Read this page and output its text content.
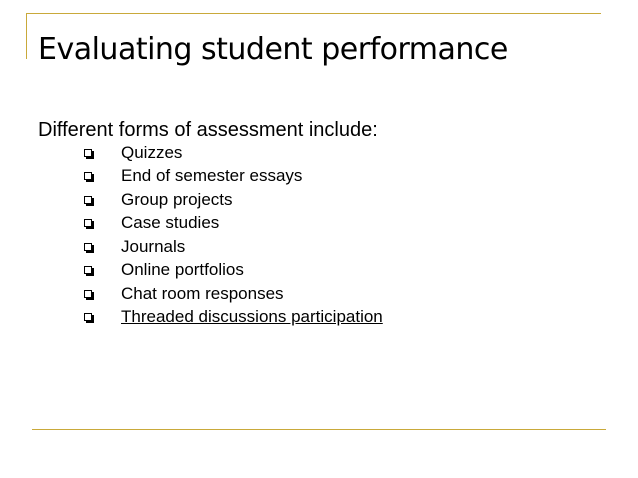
Evaluating student performance

Different forms of assessment include:

Quizzes
End of semester essays
Group projects
Case studies
Journals
Online portfolios
Chat room responses
Threaded discussions participation
